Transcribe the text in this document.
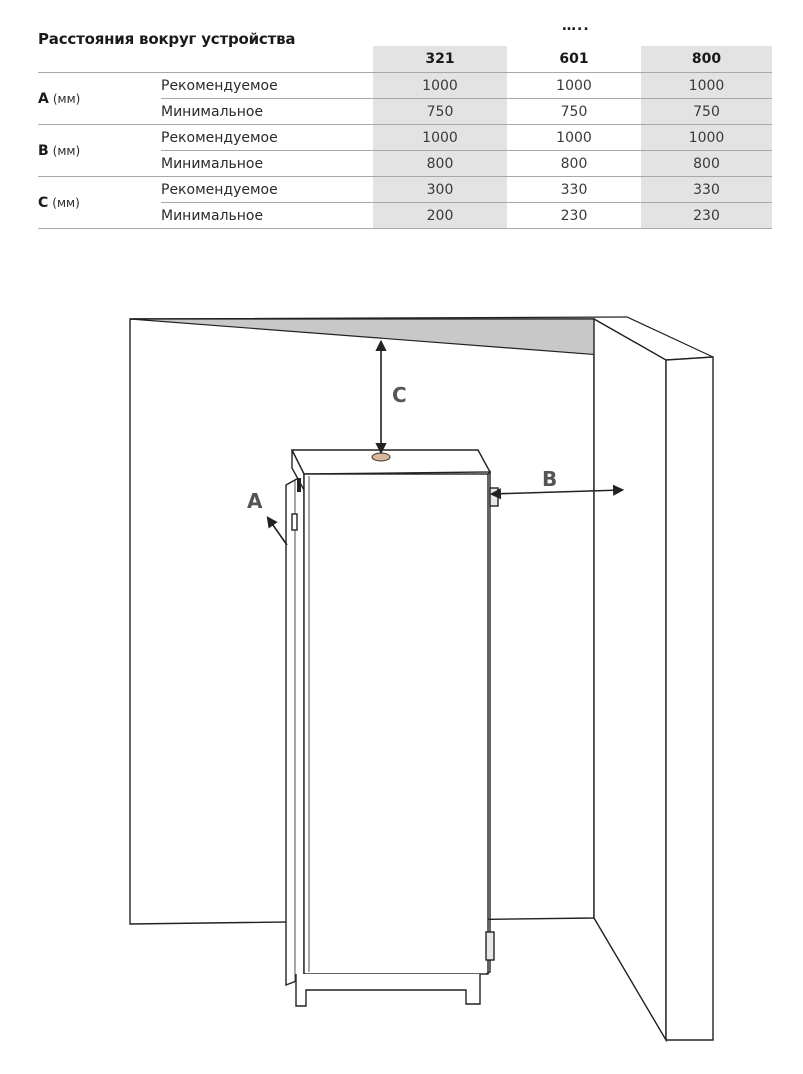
Расстояния вокруг устройства
…..
		321	601	800
A (мм)	Рекомендуемое	1000	1000	1000
	Минимальное	750	750	750
B (мм)	Рекомендуемое	1000	1000	1000
	Минимальное	800	800	800
C (мм)	Рекомендуемое	300	330	330
	Минимальное	200	230	230
C
B
A
